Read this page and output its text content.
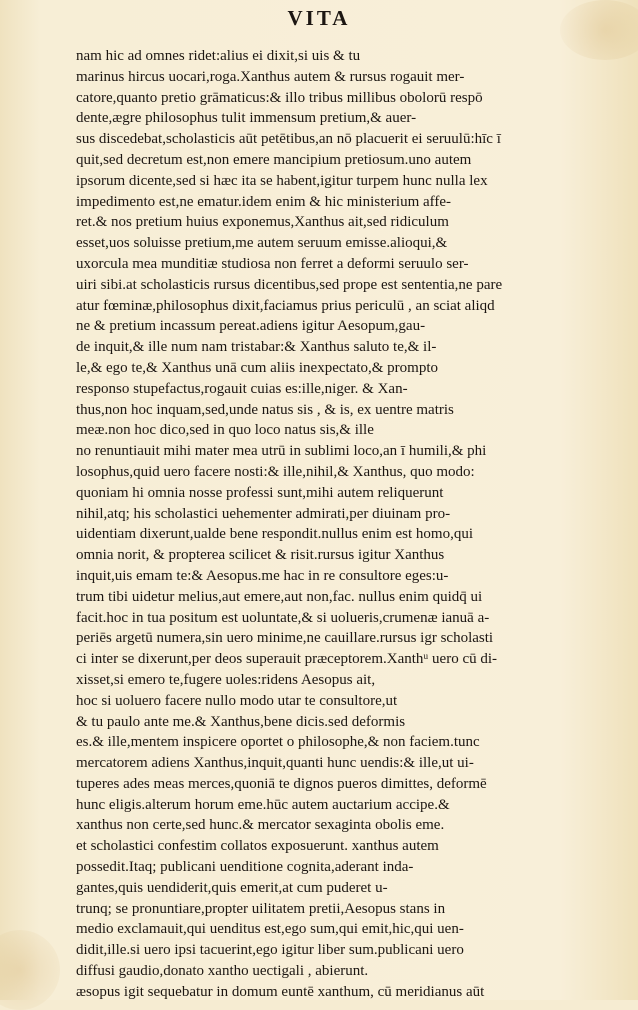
VITA
nam hic ad omnes ridet:alius ei dixit,si uis & tu
marinus hircus uocari,roga.Xanthus autem & rursus rogauit mer-
catore,quanto pretio grāmaticus:& illo tribus millibus obolorū respō
dente,ægre philosophus tulit immensum pretium,& auer-
sus discedebat,scholasticis aūt petētibus,an nō placuerit ei seruulū:hīc ī
quit,sed decretum est,non emere mancipium pretiosum.uno autem
ipsorum dicente,sed si hæc ita se habent,igitur turpem hunc nulla lex
impedimento est,ne ematur.idem enim & hic ministerium affe-
ret.& nos pretium huius exponemus,Xanthus ait,sed ridiculum
esset,uos soluisse pretium,me autem seruum emisse.alioqui,&
uxorcula mea munditiæ studiosa non ferret a deformi seruulo ser-
uiri sibi.at scholasticis rursus dicentibus,sed prope est sententia,ne pare
atur fœminæ,philosophus dixit,faciamus prius periculū , an sciat aliqd
ne & pretium incassum pereat.adiens igitur Aesopum,gau-
de inquit,& ille num nam tristabar:& Xanthus saluto te,& il-
le,& ego te,& Xanthus unā cum aliis inexpectato,& prompto
responso stupefactus,rogauit cuias es:ille,niger. & Xan-
thus,non hoc inquam,sed,unde natus sis , & is, ex uentre matris
meæ.non hoc dico,sed in quo loco natus sis,& ille
no renuntiauit mihi mater mea utrū in sublimi loco,an ī humili,& phi
losophus,quid uero facere nosti:& ille,nihil,& Xanthus, quo modo:
quoniam hi omnia nosse professi sunt,mihi autem reliquerunt
nihil,atq; his scholastici uehementer admirati,per diuinam pro-
uidentiam dixerunt,ualde bene respondit.nullus enim est homo,qui
omnia norit, & propterea scilicet & risit.rursus igitur Xanthus
inquit,uis emam te:& Aesopus.me hac in re consultore eges:u-
trum tibi uidetur melius,aut emere,aut non,fac. nullus enim quidq̄ ui
facit.hoc in tua positum est uoluntate,& si uolueris,crumenæ ianuā a-
periēs argetū numera,sin uero minime,ne cauillare.rursus igr scholasti
ci inter se dixerunt,per deos superauit præceptorem.Xanthᵘ uero cū di-
xisset,si emero te,fugere uoles:ridens Aesopus ait,
hoc si uoluero facere nullo modo utar te consultore,ut
& tu paulo ante me.& Xanthus,bene dicis.sed deformis
es.& ille,mentem inspicere oportet o philosophe,& non faciem.tunc
mercatorem adiens Xanthus,inquit,quanti hunc uendis:& ille,ut ui-
tuperes ades meas merces,quoniā te dignos pueros dimittes, deformē
hunc eligis.alterum horum eme.hūc autem auctarium accipe.&
xanthus non certe,sed hunc.& mercator sexaginta obolis eme.
et scholastici confestim collatos exposuerunt. xanthus autem
possedit.Itaq; publicani uenditione cognita,aderant inda-
gantes,quis uendiderit,quis emerit,at cum puderet u-
trunq; se pronuntiare,propter uilitatem pretii,Aesopus stans in
medio exclamauit,qui uenditus est,ego sum,qui emit,hic,qui uen-
didit,ille.si uero ipsi tacuerint,ego igitur liber sum.publicani uero
diffusi gaudio,donato xantho uectigali , abierunt.
æsopus igit sequebatur in domum euntē xanthum, cū meridianus aūt
